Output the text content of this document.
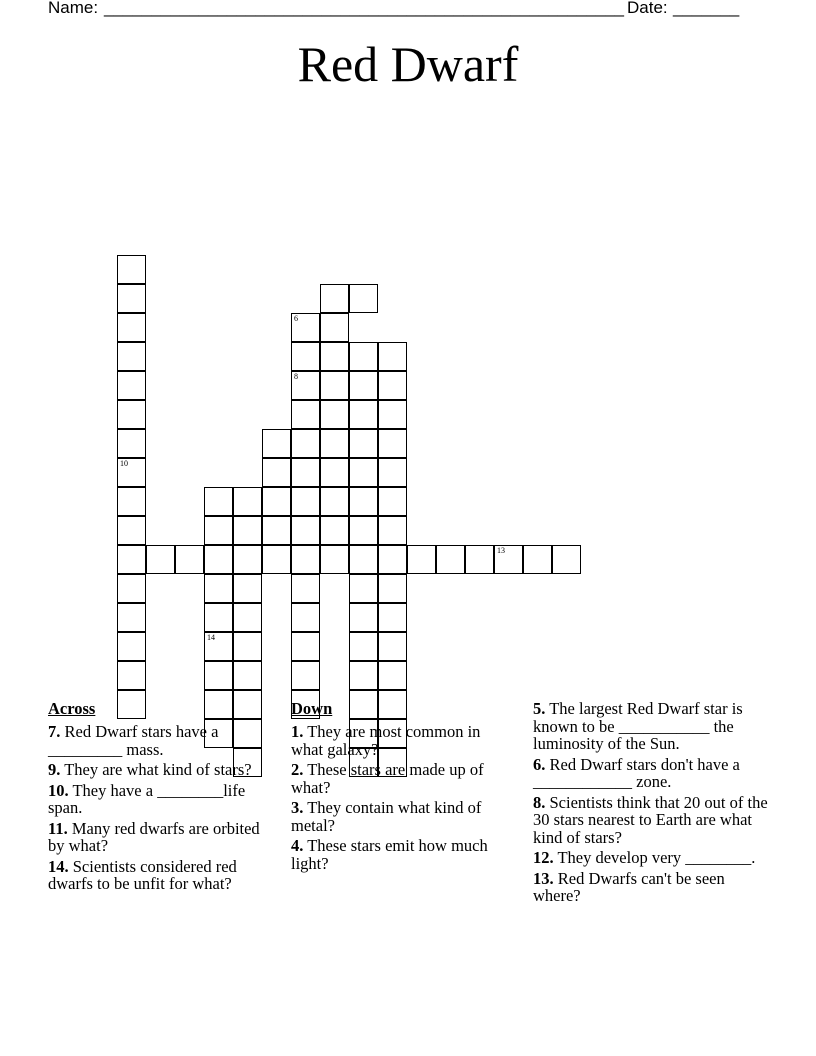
Name: _______________________________________________________ Date: _______
Red Dwarf
10
13
14
6
8
Across
7. Red Dwarf stars have a _________ mass.
9. They are what kind of stars?
10. They have a ________life span.
11. Many red dwarfs are orbited by what?
14. Scientists considered red dwarfs to be unfit for what?
Down
1. They are most common in what galaxy?
2. These stars are made up of what?
3. They contain what kind of metal?
4. These stars emit how much light?
5. The largest Red Dwarf star is known to be ___________ the luminosity of the Sun.
6. Red Dwarf stars don't have a ____________ zone.
8. Scientists think that 20 out of the 30 stars nearest to Earth are what kind of stars?
12. They develop very ________.
13. Red Dwarfs can't be seen where?
